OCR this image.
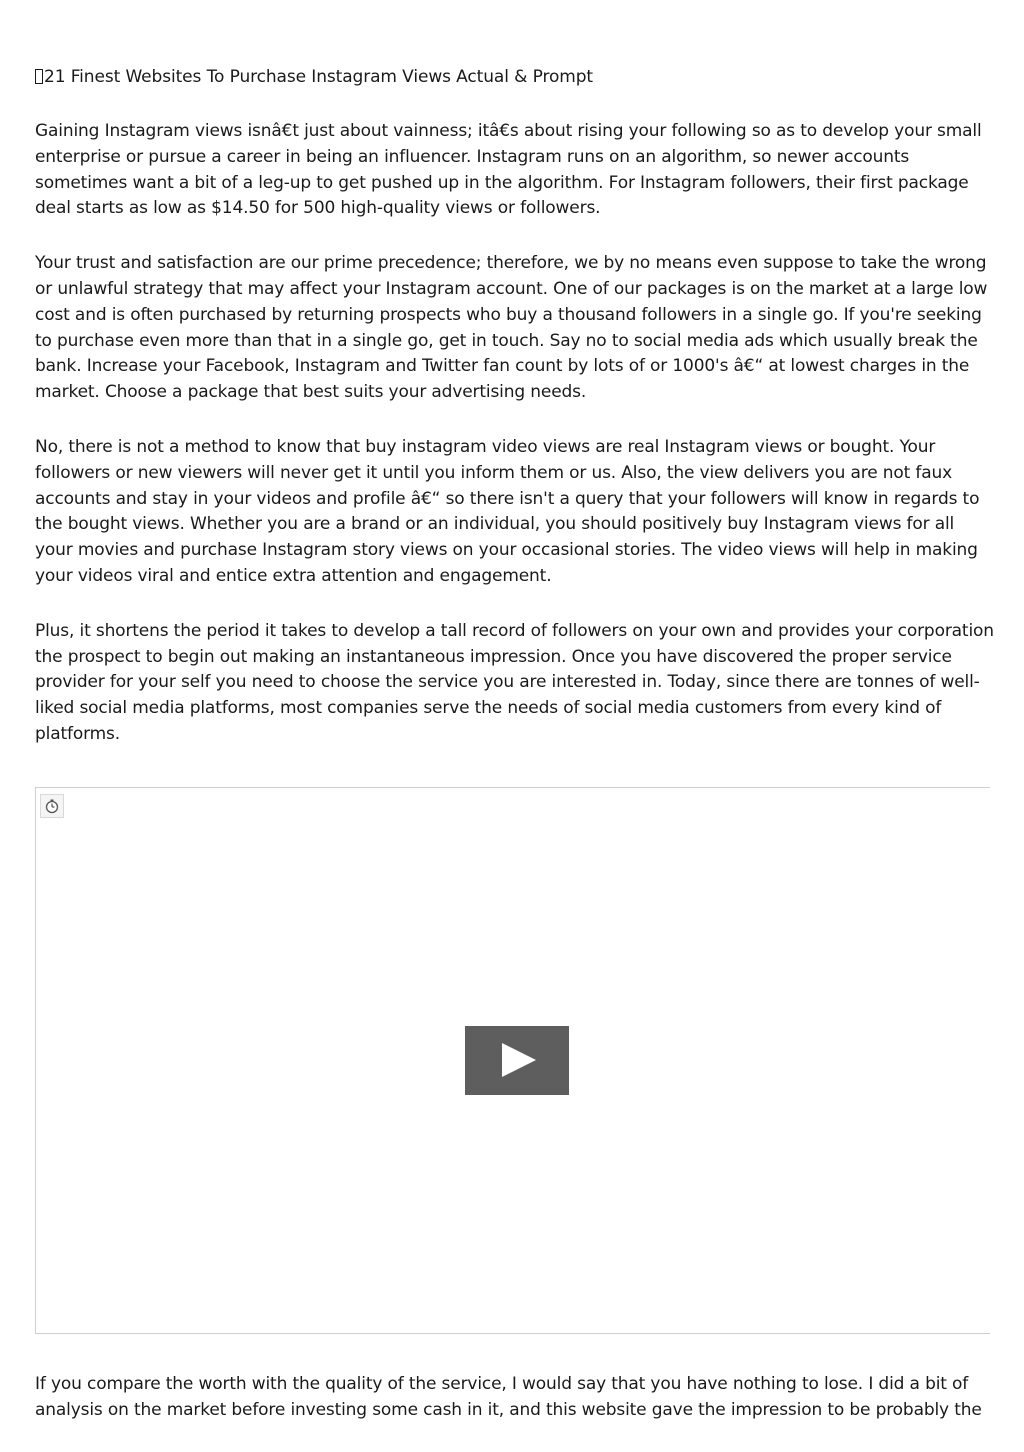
21 Finest Websites To Purchase Instagram Views Actual & Prompt

Gaining Instagram views isnâ€t just about vainness; itâ€s about rising your following so as to develop your small enterprise or pursue a career in being an influencer. Instagram runs on an algorithm, so newer accounts sometimes want a bit of a leg-up to get pushed up in the algorithm. For Instagram followers, their first package deal starts as low as $14.50 for 500 high-quality views or followers.

Your trust and satisfaction are our prime precedence; therefore, we by no means even suppose to take the wrong or unlawful strategy that may affect your Instagram account. One of our packages is on the market at a large low cost and is often purchased by returning prospects who buy a thousand followers in a single go. If you're seeking to purchase even more than that in a single go, get in touch. Say no to social media ads which usually break the bank. Increase your Facebook, Instagram and Twitter fan count by lots of or 1000's â€“ at lowest charges in the market. Choose a package that best suits your advertising needs.

No, there is not a method to know that buy instagram video views are real Instagram views or bought. Your followers or new viewers will never get it until you inform them or us. Also, the view delivers you are not faux accounts and stay in your videos and profile â€“ so there isn't a query that your followers will know in regards to the bought views. Whether you are a brand or an individual, you should positively buy Instagram views for all your movies and purchase Instagram story views on your occasional stories. The video views will help in making your videos viral and entice extra attention and engagement.

Plus, it shortens the period it takes to develop a tall record of followers on your own and provides your corporation the prospect to begin out making an instantaneous impression. Once you have discovered the proper service provider for your self you need to choose the service you are interested in. Today, since there are tonnes of well-liked social media platforms, most companies serve the needs of social media customers from every kind of platforms.

If you compare the worth with the quality of the service, I would say that you have nothing to lose. I did a bit of analysis on the market before investing some cash in it, and this website gave the impression to be probably the
